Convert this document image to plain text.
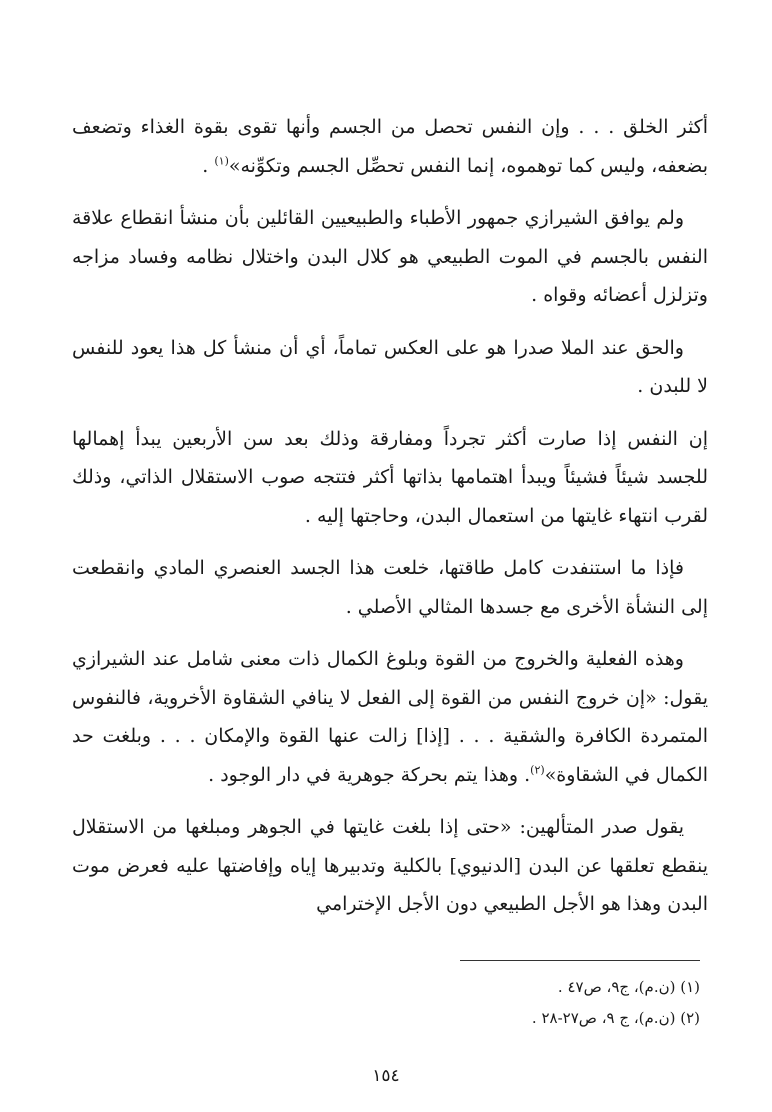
أكثر الخلق . . . وإن النفس تحصل من الجسم وأنها تقوى بقوة الغذاء وتضعف بضعفه، وليس كما توهموه، إنما النفس تحصِّل الجسم وتكوِّنه»$^{(١)}$ .

ولم يوافق الشيرازي جمهور الأطباء والطبيعيين القائلين بأن منشأ انقطاع علاقة النفس بالجسم في الموت الطبيعي هو كلال البدن واختلال نظامه وفساد مزاجه وتزلزل أعضائه وقواه .

والحق عند الملا صدرا هو على العكس تماماً، أي أن منشأ كل هذا يعود للنفس لا للبدن .

إن النفس إذا صارت أكثر تجرداً ومفارقة وذلك بعد سن الأربعين يبدأ إهمالها للجسد شيئاً فشيئاً ويبدأ اهتمامها بذاتها أكثر فتتجه صوب الاستقلال الذاتي، وذلك لقرب انتهاء غايتها من استعمال البدن، وحاجتها إليه .

فإذا ما استنفدت كامل طاقتها، خلعت هذا الجسد العنصري المادي وانقطعت إلى النشأة الأخرى مع جسدها المثالي الأصلي .

وهذه الفعلية والخروج من القوة وبلوغ الكمال ذات معنى شامل عند الشيرازي يقول: «إن خروج النفس من القوة إلى الفعل لا ينافي الشقاوة الأخروية، فالنفوس المتمردة الكافرة والشقية . . . [إذا] زالت عنها القوة والإمكان . . . وبلغت حد الكمال في الشقاوة»$^{(٢)}$. وهذا يتم بحركة جوهرية في دار الوجود .

يقول صدر المتألهين: «حتى إذا بلغت غايتها في الجوهر ومبلغها من الاستقلال ينقطع تعلقها عن البدن [الدنيوي] بالكلية وتدبيرها إياه وإفاضتها عليه فعرض موت البدن وهذا هو الأجل الطبيعي دون الأجل الإخترامي

(١) (ن.م)، ج٩، ص٤٧ .

(٢) (ن.م)، ج ٩، ص٢٧-٢٨ .

١٥٤
